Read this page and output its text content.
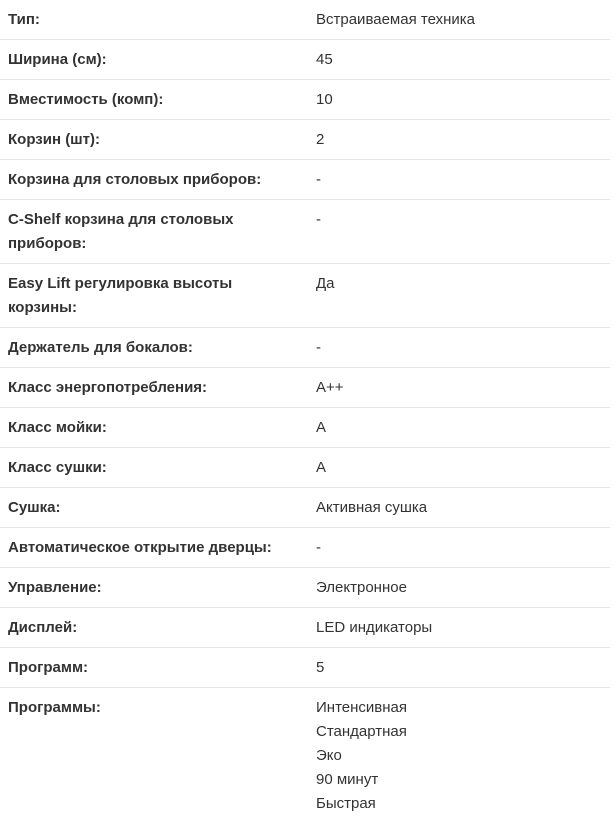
Тип:	Встраиваемая техника
Ширина (см):	45
Вместимость (комп):	10
Корзин (шт):	2
Корзина для столовых приборов:	-
C-Shelf корзина для столовых приборов:
-
Easy Lift регулировка высоты корзины:
Да
Держатель для бокалов:	-
Класс энергопотребления:	A++
Класс мойки:	A
Класс сушки:	A
Сушка:	Активная сушка
Автоматическое открытие дверцы:	-
Управление:	Электронное
Дисплей:	LED индикаторы
Программ:	5
Программы:	Интенсивная
Стандартная
Эко
90 минут
Быстрая
